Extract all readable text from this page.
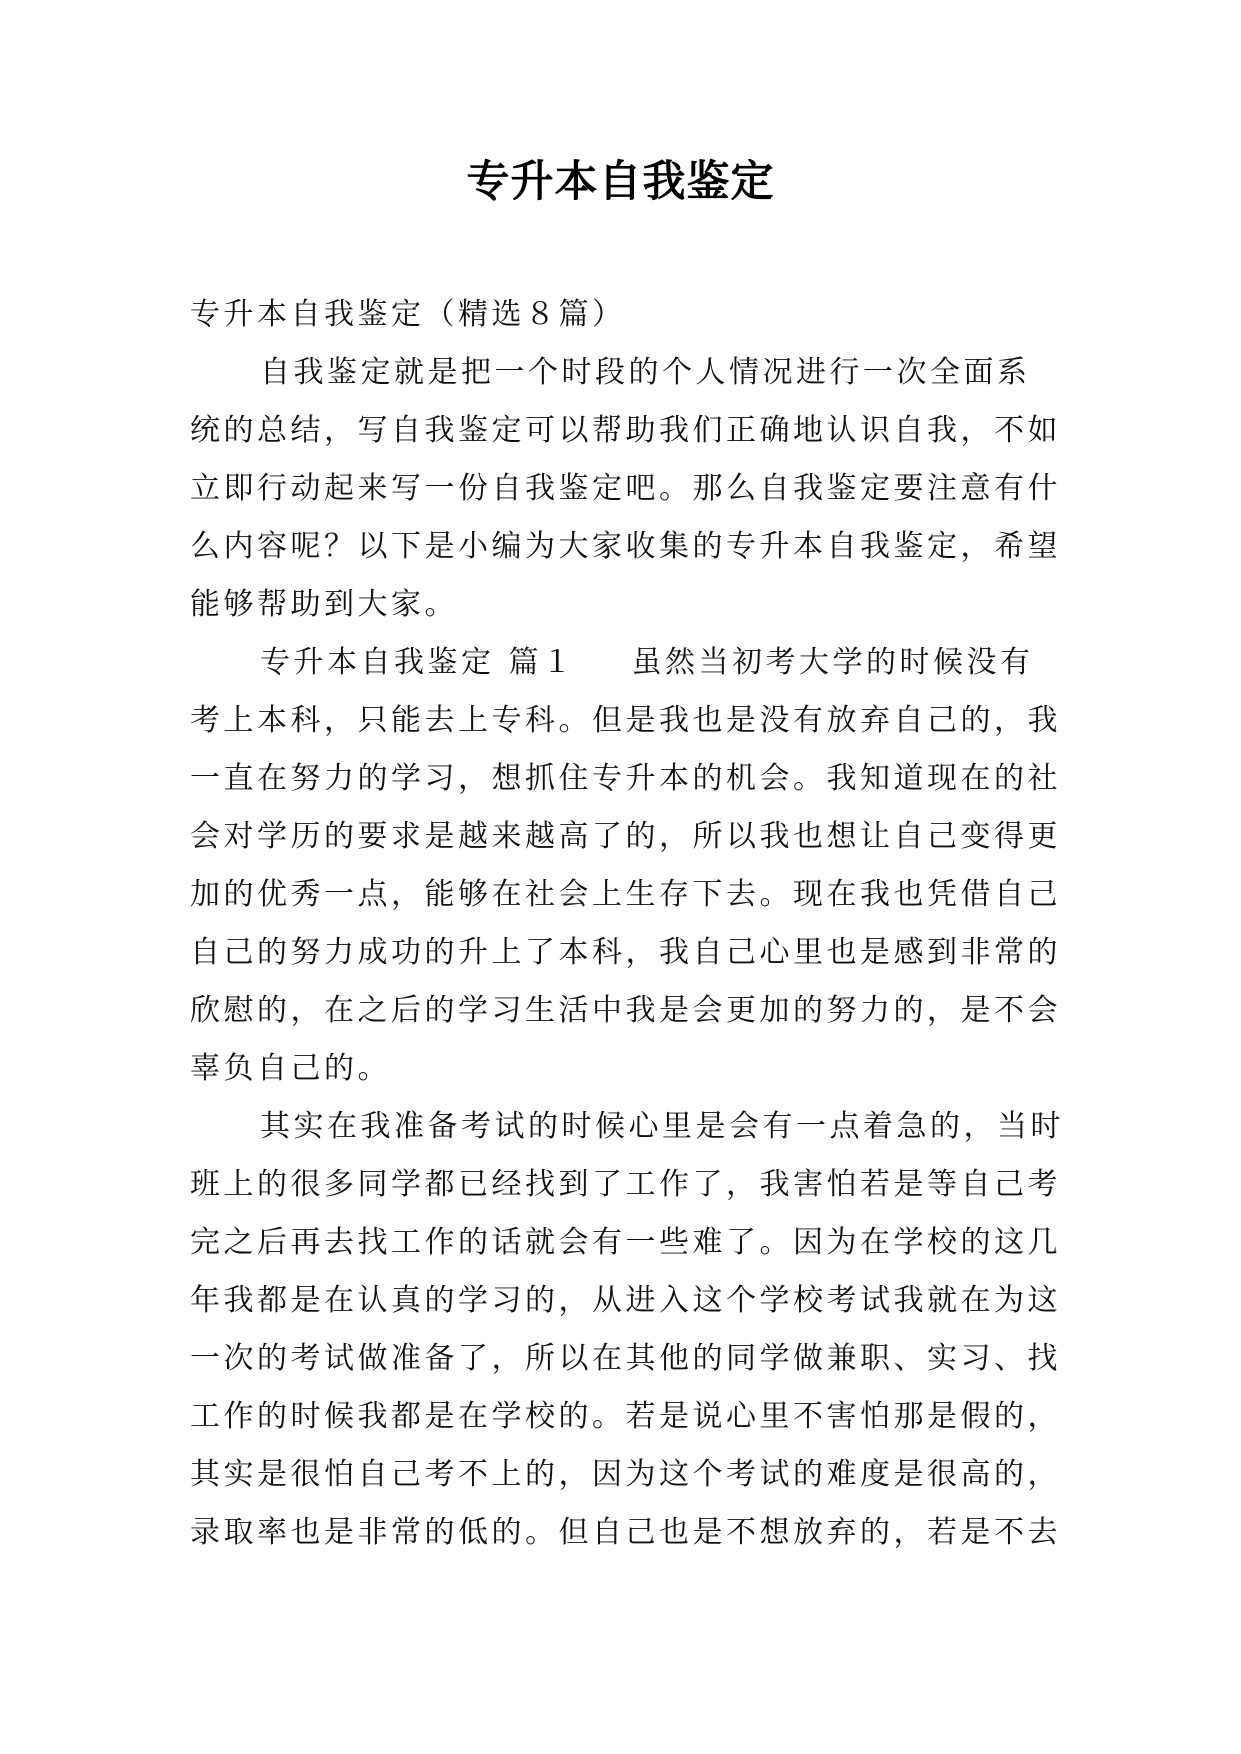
专升本自我鉴定
专升本自我鉴定（精选８篇）
自我鉴定就是把一个时段的个人情况进行一次全面系
统的总结，写自我鉴定可以帮助我们正确地认识自我，不如
立即行动起来写一份自我鉴定吧。那么自我鉴定要注意有什
么内容呢？以下是小编为大家收集的专升本自我鉴定，希望
能够帮助到大家。
专升本自我鉴定 篇１ 虽然当初考大学的时候没有
考上本科，只能去上专科。但是我也是没有放弃自己的，我
一直在努力的学习，想抓住专升本的机会。我知道现在的社
会对学历的要求是越来越高了的，所以我也想让自己变得更
加的优秀一点，能够在社会上生存下去。现在我也凭借自己
自己的努力成功的升上了本科，我自己心里也是感到非常的
欣慰的，在之后的学习生活中我是会更加的努力的，是不会
辜负自己的。
其实在我准备考试的时候心里是会有一点着急的，当时
班上的很多同学都已经找到了工作了，我害怕若是等自己考
完之后再去找工作的话就会有一些难了。因为在学校的这几
年我都是在认真的学习的，从进入这个学校考试我就在为这
一次的考试做准备了，所以在其他的同学做兼职、实习、找
工作的时候我都是在学校的。若是说心里不害怕那是假的，
其实是很怕自己考不上的，因为这个考试的难度是很高的，
录取率也是非常的低的。但自己也是不想放弃的，若是不去
